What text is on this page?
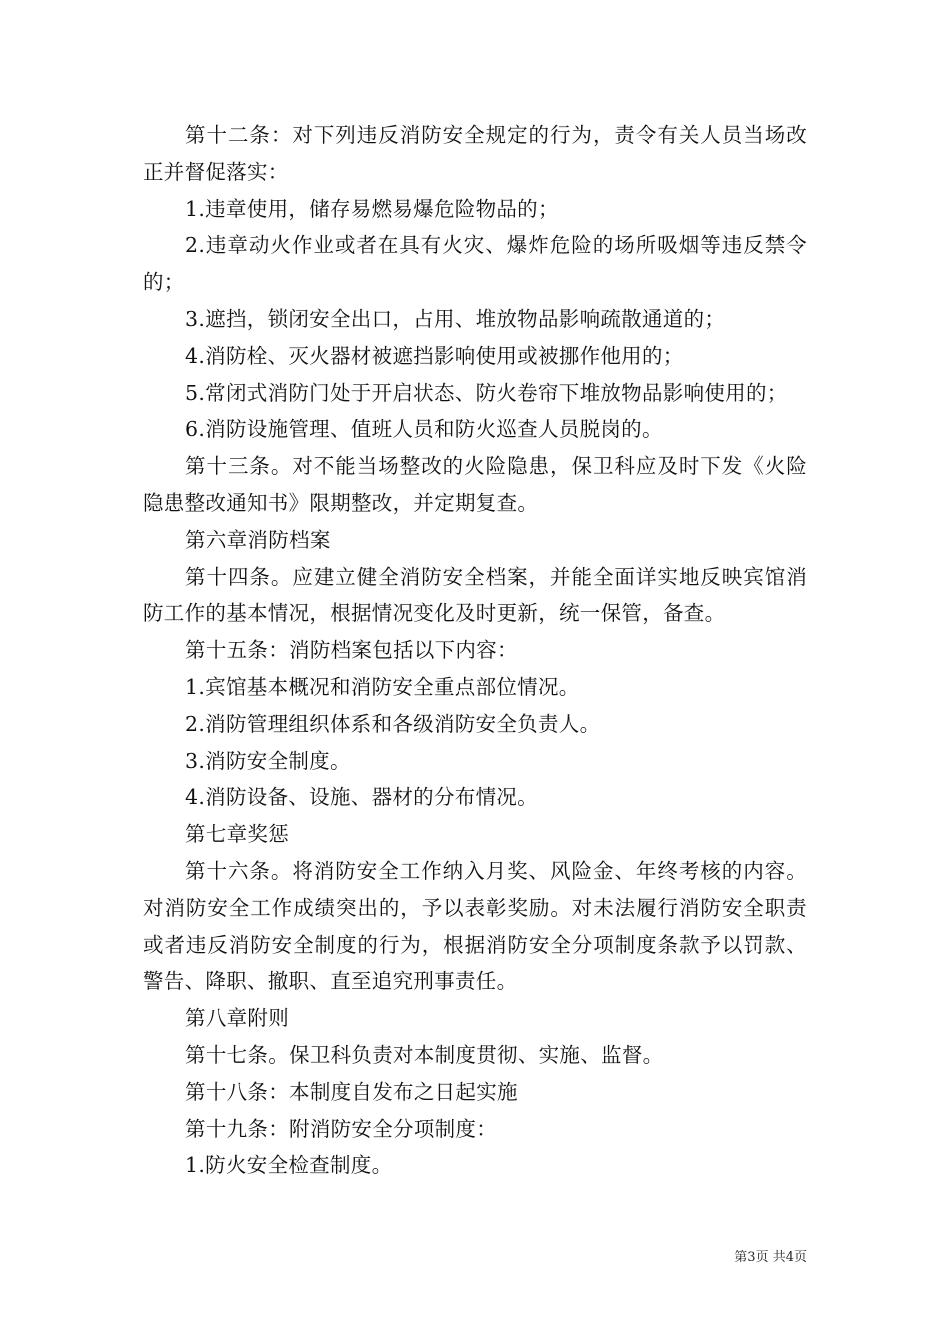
第十二条：对下列违反消防安全规定的行为，责令有关人员当场改正并督促落实：

1.违章使用，储存易燃易爆危险物品的；

2.违章动火作业或者在具有火灾、爆炸危险的场所吸烟等违反禁令的；

3.遮挡，锁闭安全出口，占用、堆放物品影响疏散通道的；

4.消防栓、灭火器材被遮挡影响使用或被挪作他用的；

5.常闭式消防门处于开启状态、防火卷帘下堆放物品影响使用的；

6.消防设施管理、值班人员和防火巡查人员脱岗的。

第十三条。对不能当场整改的火险隐患，保卫科应及时下发《火险隐患整改通知书》限期整改，并定期复查。

第六章消防档案

第十四条。应建立健全消防安全档案，并能全面详实地反映宾馆消防工作的基本情况，根据情况变化及时更新，统一保管，备查。

第十五条：消防档案包括以下内容：

1.宾馆基本概况和消防安全重点部位情况。

2.消防管理组织体系和各级消防安全负责人。

3.消防安全制度。

4.消防设备、设施、器材的分布情况。

第七章奖惩

第十六条。将消防安全工作纳入月奖、风险金、年终考核的内容。对消防安全工作成绩突出的，予以表彰奖励。对未法履行消防安全职责或者违反消防安全制度的行为，根据消防安全分项制度条款予以罚款、警告、降职、撤职、直至追究刑事责任。

第八章附则

第十七条。保卫科负责对本制度贯彻、实施、监督。

第十八条：本制度自发布之日起实施

第十九条：附消防安全分项制度：

1.防火安全检查制度。

第3页 共4页
